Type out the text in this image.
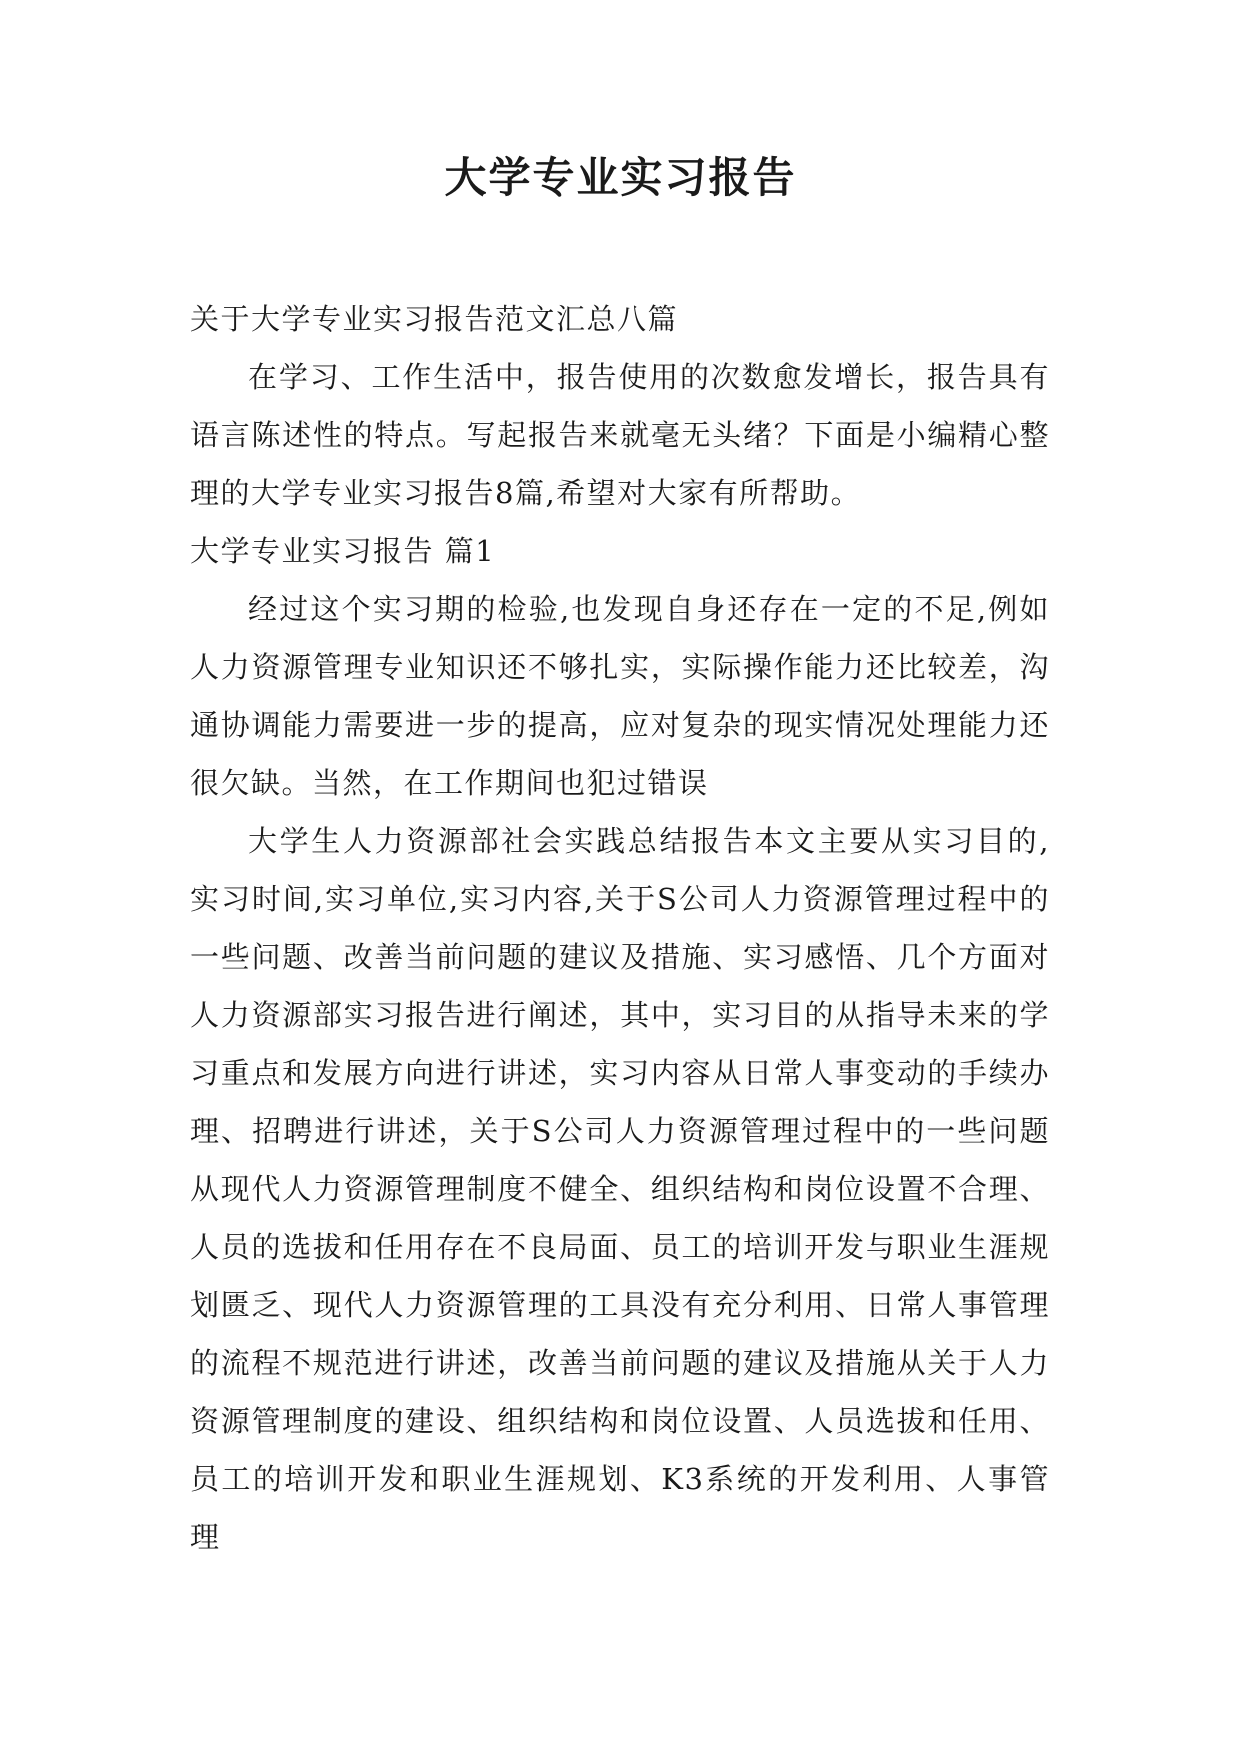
大学专业实习报告

关于大学专业实习报告范文汇总八篇

在学习、工作生活中，报告使用的次数愈发增长，报告具有语言陈述性的特点。写起报告来就毫无头绪？下面是小编精心整理的大学专业实习报告8篇,希望对大家有所帮助。

大学专业实习报告 篇1

经过这个实习期的检验,也发现自身还存在一定的不足,例如人力资源管理专业知识还不够扎实，实际操作能力还比较差，沟通协调能力需要进一步的提高，应对复杂的现实情况处理能力还很欠缺。当然，在工作期间也犯过错误

大学生人力资源部社会实践总结报告本文主要从实习目的,实习时间,实习单位,实习内容,关于S公司人力资源管理过程中的一些问题、改善当前问题的建议及措施、实习感悟、几个方面对人力资源部实习报告进行阐述，其中，实习目的从指导未来的学习重点和发展方向进行讲述，实习内容从日常人事变动的手续办理、招聘进行讲述，关于S公司人力资源管理过程中的一些问题从现代人力资源管理制度不健全、组织结构和岗位设置不合理、人员的选拔和任用存在不良局面、员工的培训开发与职业生涯规划匮乏、现代人力资源管理的工具没有充分利用、日常人事管理的流程不规范进行讲述，改善当前问题的建议及措施从关于人力资源管理制度的建设、组织结构和岗位设置、人员选拔和任用、员工的培训开发和职业生涯规划、K3系统的开发利用、人事管理
